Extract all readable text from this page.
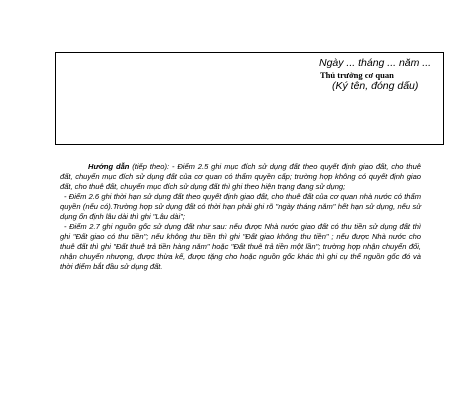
Ngày ... tháng ... năm ...
Thủ trưởng cơ quan
(Ký tên, đóng dấu)

Hướng dẫn (tiếp theo): - Điểm 2.5 ghi mục đích sử dụng đất theo quyết định giao đất, cho thuê đất, chuyển mục đích sử dụng đất của cơ quan có thẩm quyền cấp; trường hợp không có quyết định giao đất, cho thuê đất, chuyển mục đích sử dụng đất thì ghi theo hiện trạng đang sử dụng;

- Điểm 2.6 ghi thời hạn sử dụng đất theo quyết định giao đất, cho thuê đất của cơ quan nhà nước có thẩm quyền (nếu có).Trường hợp sử dụng đất có thời hạn phải ghi rõ "ngày tháng năm" hết hạn sử dụng, nếu sử dụng ổn định lâu dài thì ghi "Lâu dài";

- Điểm 2.7 ghi nguồn gốc sử dụng đất như sau: nếu được Nhà nước giao đất có thu tiền sử dụng đất thì ghi "Đất giao có thu tiền"; nếu không thu tiền thì ghi "Đất giao không thu tiền" ; nếu được Nhà nước cho thuê đất thì ghi "Đất thuê trả tiền hàng năm" hoặc "Đất thuê trả tiền một lần"; trường hợp nhận chuyển đổi, nhận chuyển nhượng, được thừa kế, được tặng cho hoặc nguồn gốc khác thì ghi cụ thể nguồn gốc đó và thời điểm bắt đầu sử dụng đất.
